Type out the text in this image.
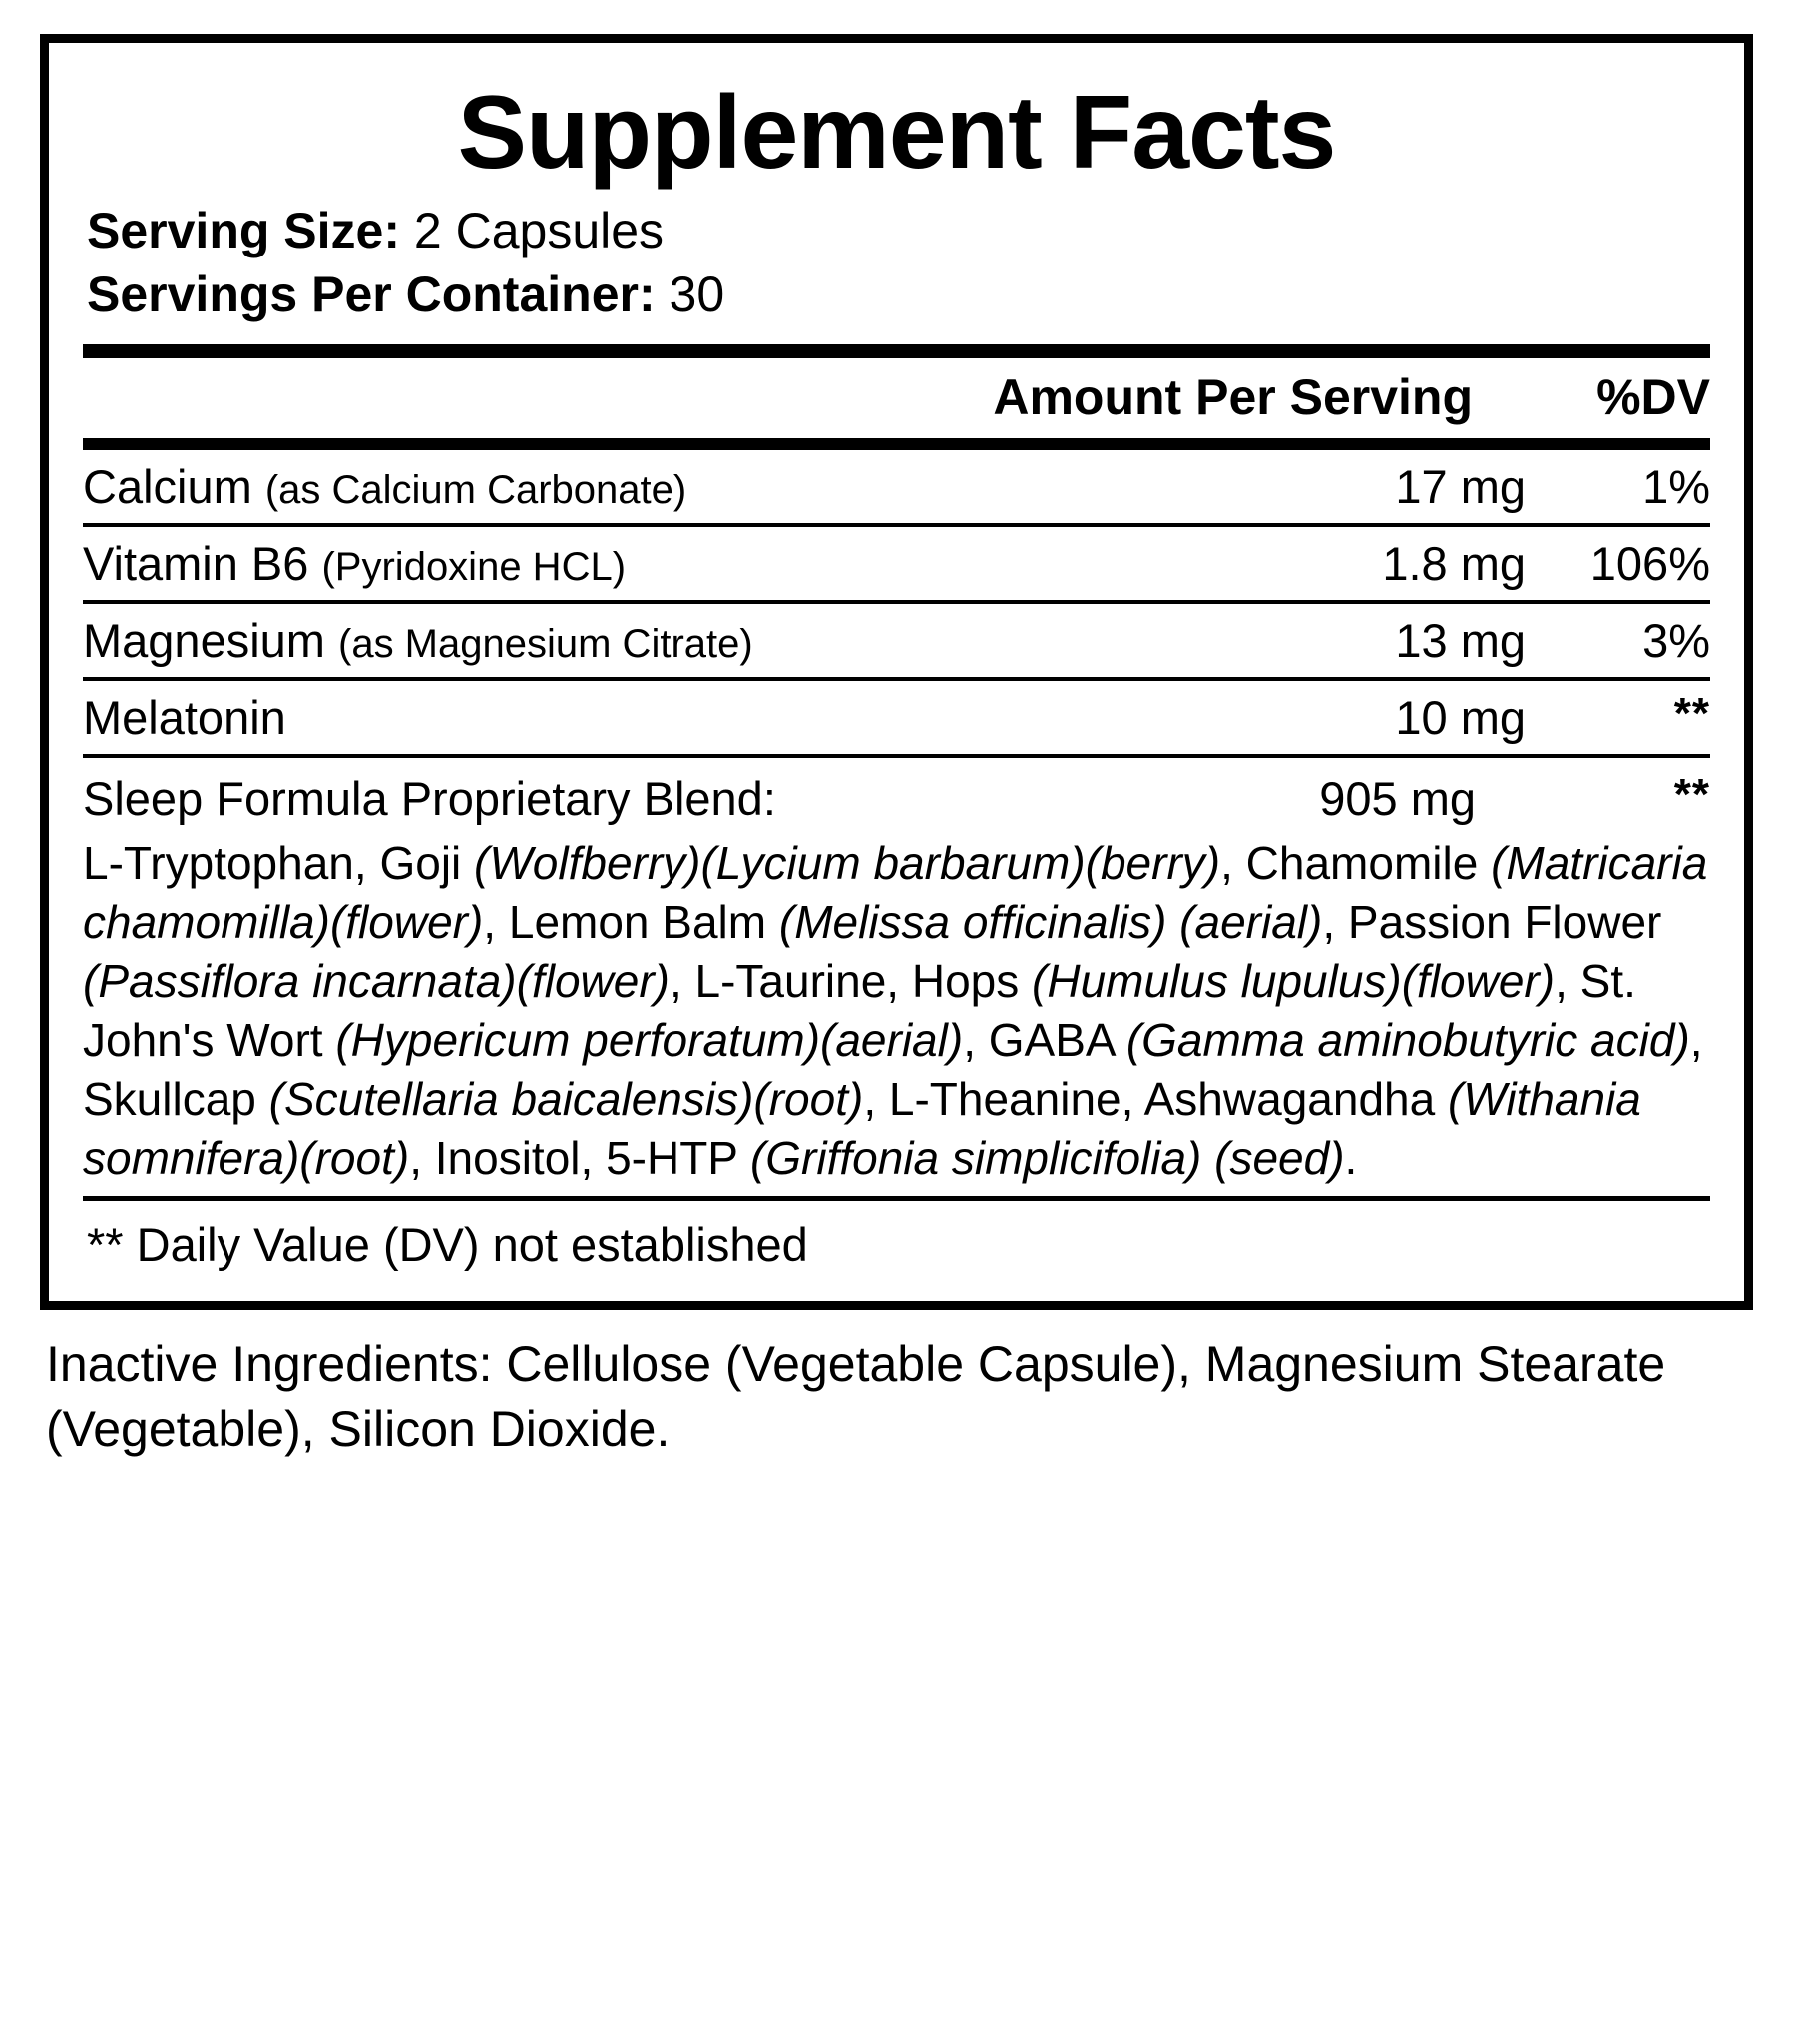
Supplement Facts
Serving Size: 2 Capsules
Servings Per Container: 30
Amount Per Serving	%DV
Calcium (as Calcium Carbonate)	17 mg	1%
Vitamin B6 (Pyridoxine HCL)	1.8 mg	106%
Magnesium (as Magnesium Citrate)	13 mg	3%
Melatonin	10 mg	**
Sleep Formula Proprietary Blend:	905 mg	**
L-Tryptophan, Goji (Wolfberry)(Lycium barbarum)(berry), Chamomile (Matricaria chamomilla)(flower), Lemon Balm (Melissa officinalis) (aerial), Passion Flower (Passiflora incarnata)(flower), L-Taurine, Hops (Humulus lupulus)(flower), St. John's Wort (Hypericum perforatum)(aerial), GABA (Gamma aminobutyric acid), Skullcap (Scutellaria baicalensis)(root), L-Theanine, Ashwagandha (Withania somnifera)(root), Inositol, 5-HTP (Griffonia simplicifolia) (seed).
** Daily Value (DV) not established
Inactive Ingredients: Cellulose (Vegetable Capsule), Magnesium Stearate (Vegetable), Silicon Dioxide.
